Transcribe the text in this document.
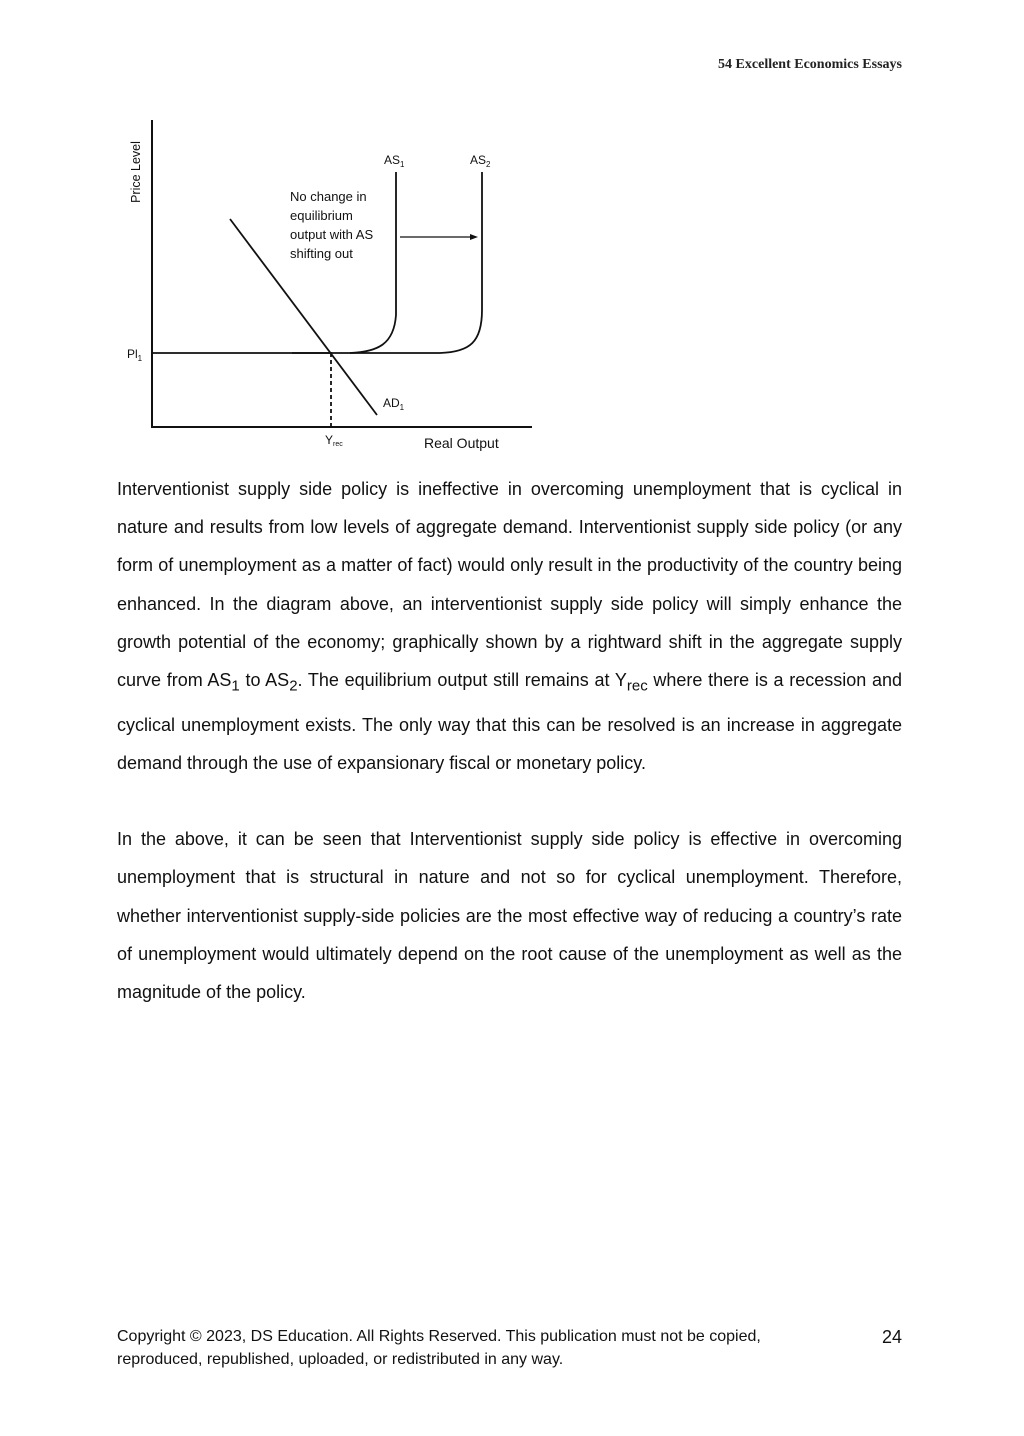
54 Excellent Economics Essays
Price Level
$Pl_1$
$AS_1$	$AS_2$
$AD_1$
No change in equilibrium output with AS shifting out
Yrec	Real Output

Interventionist supply side policy is ineffective in overcoming unemployment that is cyclical in nature and results from low levels of aggregate demand. Interventionist supply side policy (or any form of unemployment as a matter of fact) would only result in the productivity of the country being enhanced. In the diagram above, an interventionist supply side policy will simply enhance the growth potential of the economy; graphically shown by a rightward shift in the aggregate supply curve from $AS_1$ to $AS_2$. The equilibrium output still remains at $Y_{rec}$ where there is a recession and cyclical unemployment exists. The only way that this can be resolved is an increase in aggregate demand through the use of expansionary fiscal or monetary policy.

In the above, it can be seen that Interventionist supply side policy is effective in overcoming unemployment that is structural in nature and not so for cyclical unemployment. Therefore, whether interventionist supply-side policies are the most effective way of reducing a country’s rate of unemployment would ultimately depend on the root cause of the unemployment as well as the magnitude of the policy.

Copyright © 2023, DS Education. All Rights Reserved. This publication must not be copied, reproduced, republished, uploaded, or redistributed in any way.
24
